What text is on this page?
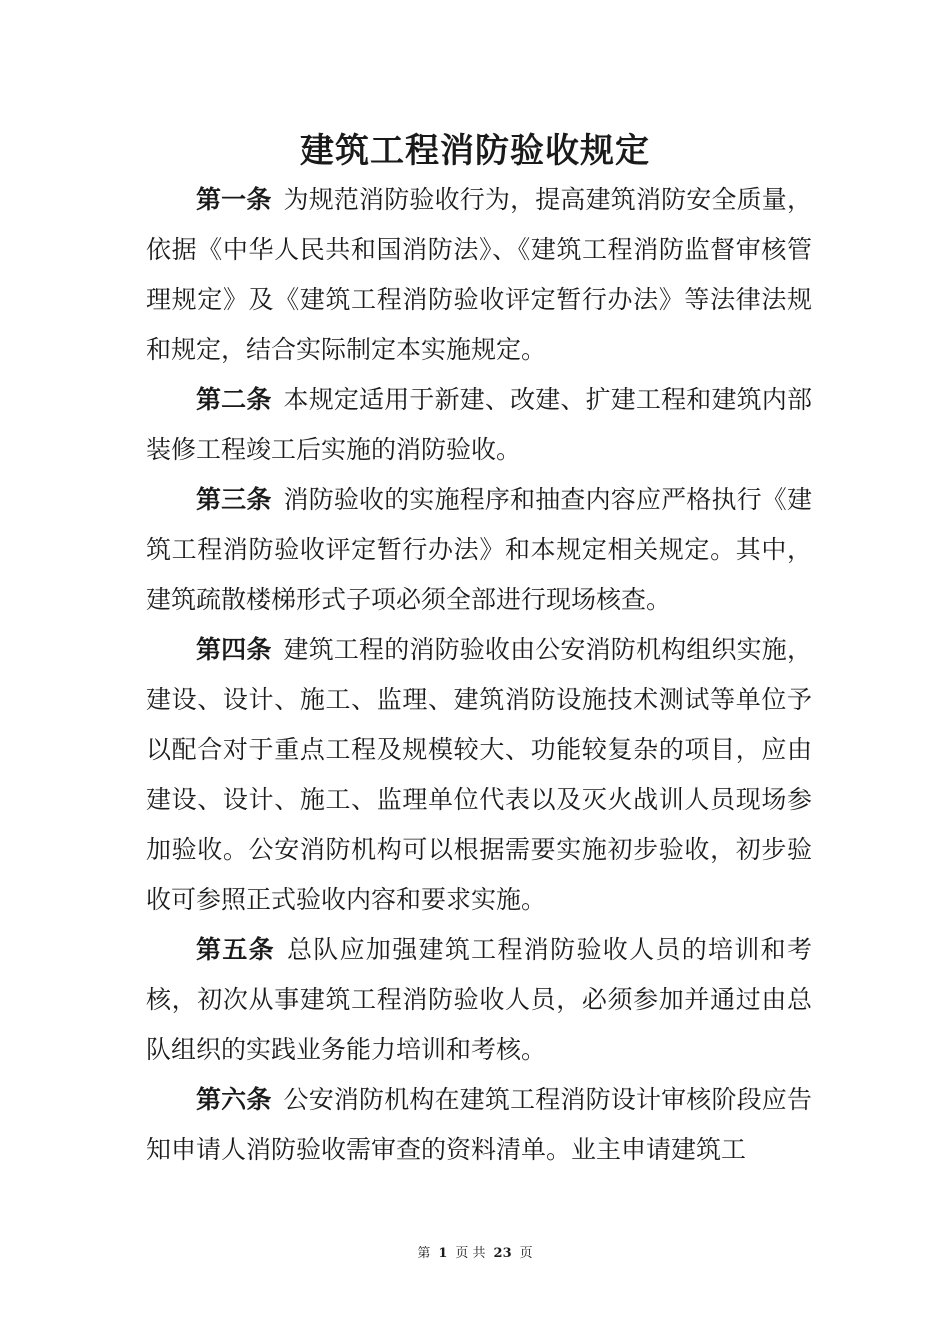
建筑工程消防验收规定

第一条 为规范消防验收行为，提高建筑消防安全质量，依据《中华人民共和国消防法》、《建筑工程消防监督审核管理规定》及《建筑工程消防验收评定暂行办法》等法律法规和规定，结合实际制定本实施规定。

第二条 本规定适用于新建、改建、扩建工程和建筑内部装修工程竣工后实施的消防验收。

第三条 消防验收的实施程序和抽查内容应严格执行《建筑工程消防验收评定暂行办法》和本规定相关规定。其中，建筑疏散楼梯形式子项必须全部进行现场核查。

第四条 建筑工程的消防验收由公安消防机构组织实施，建设、设计、施工、监理、建筑消防设施技术测试等单位予以配合对于重点工程及规模较大、功能较复杂的项目，应由建设、设计、施工、监理单位代表以及灭火战训人员现场参加验收。公安消防机构可以根据需要实施初步验收，初步验收可参照正式验收内容和要求实施。

第五条 总队应加强建筑工程消防验收人员的培训和考核，初次从事建筑工程消防验收人员，必须参加并通过由总队组织的实践业务能力培训和考核。

第六条 公安消防机构在建筑工程消防设计审核阶段应告知申请人消防验收需审查的资料清单。业主申请建筑工

第 1 页 共 23 页
